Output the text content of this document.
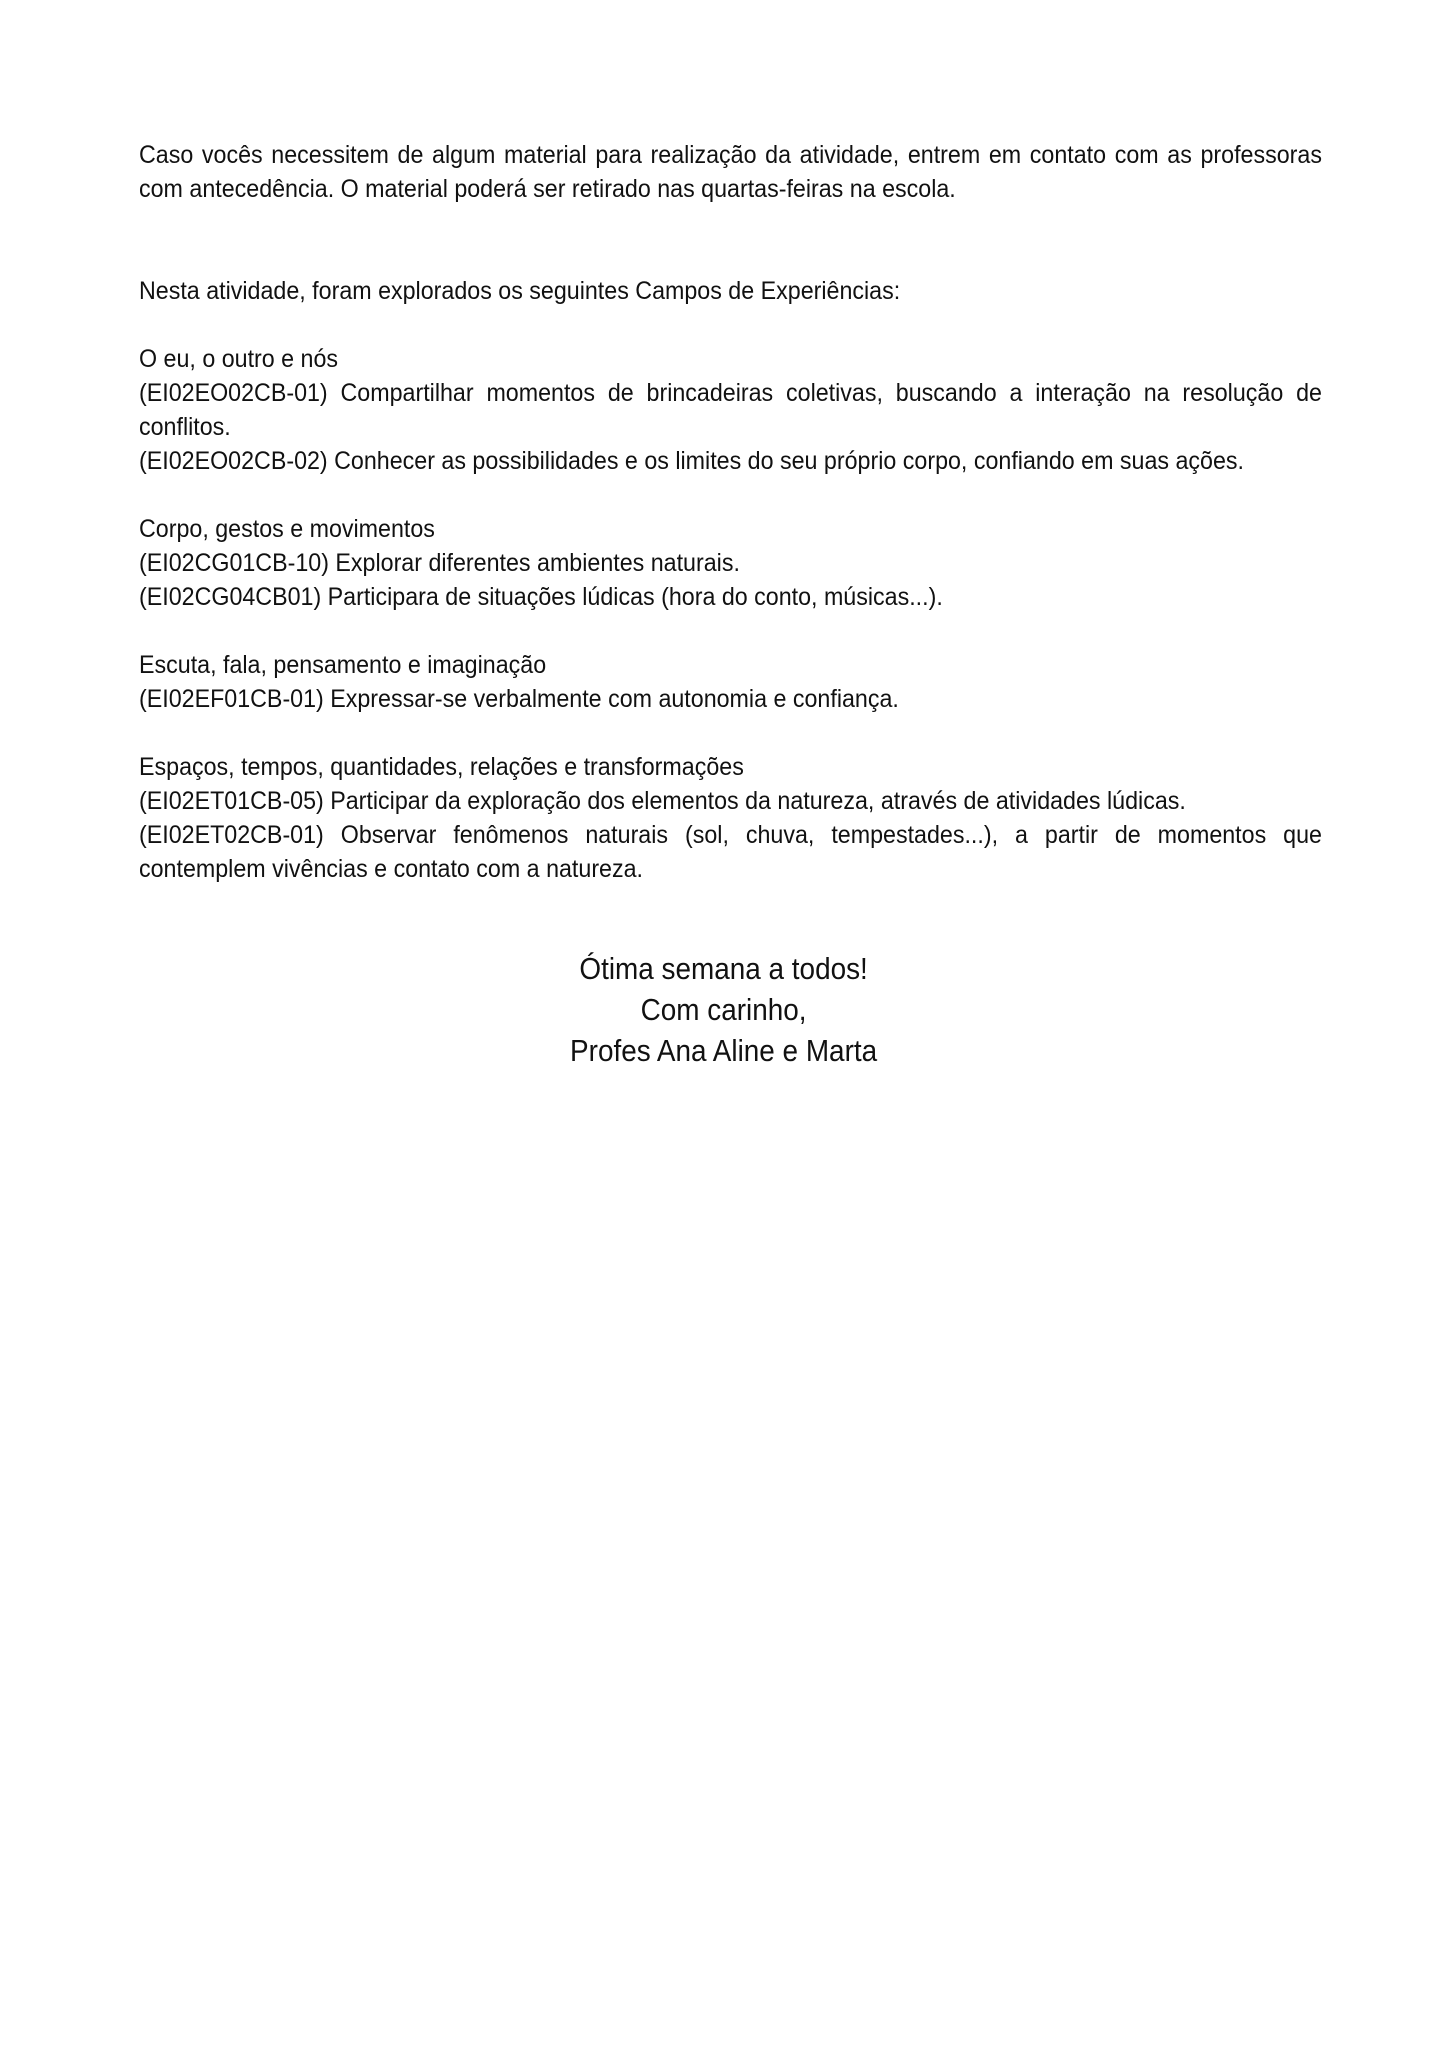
Caso vocês necessitem de algum material para realização da atividade, entrem em contato com as professoras
com antecedência. O material poderá ser retirado nas quartas-feiras na escola.

Nesta atividade, foram explorados os seguintes Campos de Experiências:

O eu, o outro e nós
(EI02EO02CB-01) Compartilhar momentos de brincadeiras coletivas, buscando a interação na resolução de
conflitos.
(EI02EO02CB-02) Conhecer as possibilidades e os limites do seu próprio corpo, confiando em suas ações.
Corpo, gestos e movimentos
(EI02CG01CB-10) Explorar diferentes ambientes naturais.
(EI02CG04CB01) Participara de situações lúdicas (hora do conto, músicas...).
Escuta, fala, pensamento e imaginação
(EI02EF01CB-01) Expressar-se verbalmente com autonomia e confiança.
Espaços, tempos, quantidades, relações e transformações
(EI02ET01CB-05) Participar da exploração dos elementos da natureza, através de atividades lúdicas.
(EI02ET02CB-01) Observar fenômenos naturais (sol, chuva, tempestades...), a partir de momentos que
contemplem vivências e contato com a natureza.
Ótima semana a todos!
Com carinho,
Profes Ana Aline e Marta
